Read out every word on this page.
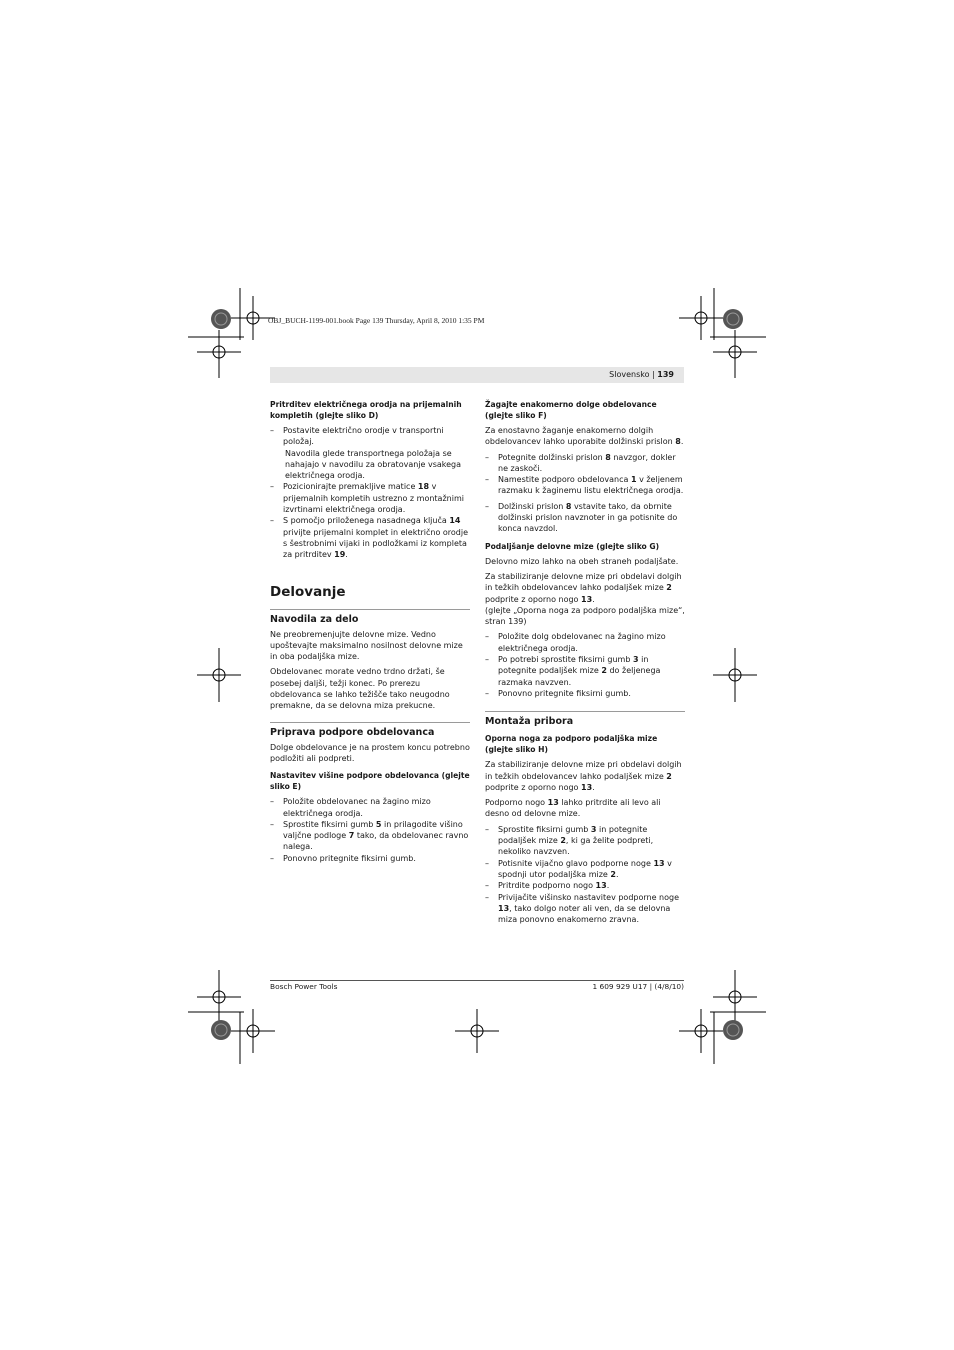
OBJ_BUCH-1199-001.book Page 139 Thursday, April 8, 2010 1:35 PM
Slovensko | 139
Pritrditev električnega orodja na prijemalnih kompletih (glejte sliko D)
– Postavite električno orodje v transportni položaj.
Navodila glede transportnega položaja se nahajajo v navodilu za obratovanje vsakega električnega orodja.
– Pozicionirajte premakljive matice 18 v prijemalnih kompletih ustrezno z montažnimi izvrtinami električnega orodja.
– S pomočjo priloženega nasadnega ključa 14 privijte prijemalni komplet in električno orodje s šestrobnimi vijaki in podložkami iz kompleta za pritrditev 19.
Delovanje
Navodila za delo

Ne preobremenjujte delovne mize. Vedno upoštevajte maksimalno nosilnost delovne mize in oba podaljška mize.

Obdelovanec morate vedno trdno držati, še posebej daljši, težji konec. Po prerezu obdelovanca se lahko težišče tako neugodno premakne, da se delovna miza prekucne.

Priprava podpore obdelovanca

Dolge obdelovance je na prostem koncu potrebno podložiti ali podpreti.

Nastavitev višine podpore obdelovanca (glejte sliko E)
– Položite obdelovanec na žagino mizo električnega orodja.
– Sprostite fiksirni gumb 5 in prilagodite višino valjčne podloge 7 tako, da obdelovanec ravno nalega.
– Ponovno pritegnite fiksirni gumb.
Žagajte enakomerno dolge obdelovance (glejte sliko F)

Za enostavno žaganje enakomerno dolgih obdelovancev lahko uporabite dolžinski prislon 8.

– Potegnite dolžinski prislon 8 navzgor, dokler ne zaskoči.
– Namestite podporo obdelovanca 1 v željenem razmaku k žaginemu listu električnega orodja.
– Dolžinski prislon 8 vstavite tako, da obrnite dolžinski prislon navznoter in ga potisnite do konca navzdol.
Podaljšanje delovne mize (glejte sliko G)

Delovno mizo lahko na obeh straneh podaljšate.

Za stabiliziranje delovne mize pri obdelavi dolgih in težkih obdelovancev lahko podaljšek mize 2 podprite z oporno nogo 13.

(glejte „Oporna noga za podporo podaljška mize“, stran 139)

– Položite dolg obdelovanec na žagino mizo električnega orodja.
– Po potrebi sprostite fiksirni gumb 3 in potegnite podaljšek mize 2 do željenega razmaka navzven.
– Ponovno pritegnite fiksirni gumb.
Montaža pribora
Oporna noga za podporo podaljška mize (glejte sliko H)

Za stabiliziranje delovne mize pri obdelavi dolgih in težkih obdelovancev lahko podaljšek mize 2 podprite z oporno nogo 13.

Podporno nogo 13 lahko pritrdite ali levo ali desno od delovne mize.

– Sprostite fiksirni gumb 3 in potegnite podaljšek mize 2, ki ga želite podpreti, nekoliko navzven.
– Potisnite vijačno glavo podporne noge 13 v spodnji utor podaljška mize 2.
– Pritrdite podporno nogo 13.
– Privijačite višinsko nastavitev podporne noge 13, tako dolgo noter ali ven, da se delovna miza ponovno enakomerno zravna.
Bosch Power Tools	1 609 929 U17 | (4/8/10)
